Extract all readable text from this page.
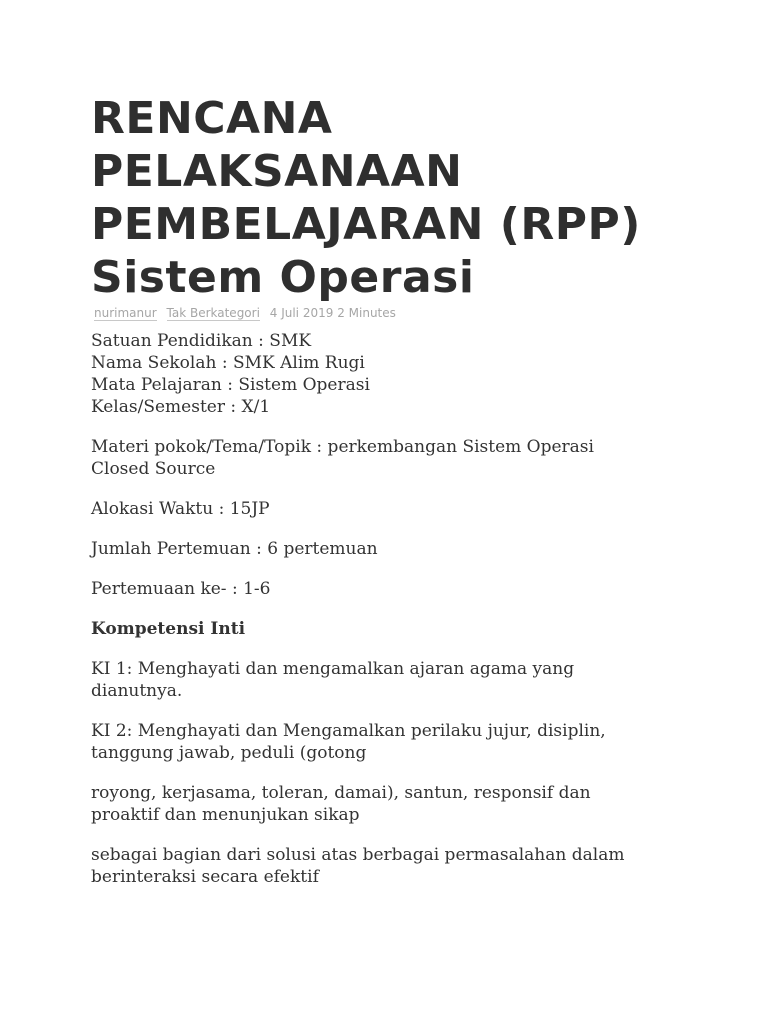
RENCANA
PELAKSANAAN
PEMBELAJARAN (RPP)
Sistem Operasi
nurimanur Tak Berkategori 4 Juli 2019 2 Minutes

Satuan Pendidikan : SMK
Nama Sekolah : SMK Alim Rugi
Mata Pelajaran : Sistem Operasi
Kelas/Semester : X/1

Materi pokok/Tema/Topik : perkembangan Sistem Operasi
Closed Source

Alokasi Waktu : 15JP

Jumlah Pertemuan : 6 pertemuan

Pertemuaan ke- : 1-6

Kompetensi Inti

KI 1: Menghayati dan mengamalkan ajaran agama yang
dianutnya.

KI 2: Menghayati dan Mengamalkan perilaku jujur, disiplin,
tanggung jawab, peduli (gotong

royong, kerjasama, toleran, damai), santun, responsif dan
proaktif dan menunjukan sikap

sebagai bagian dari solusi atas berbagai permasalahan dalam
berinteraksi secara efektif
